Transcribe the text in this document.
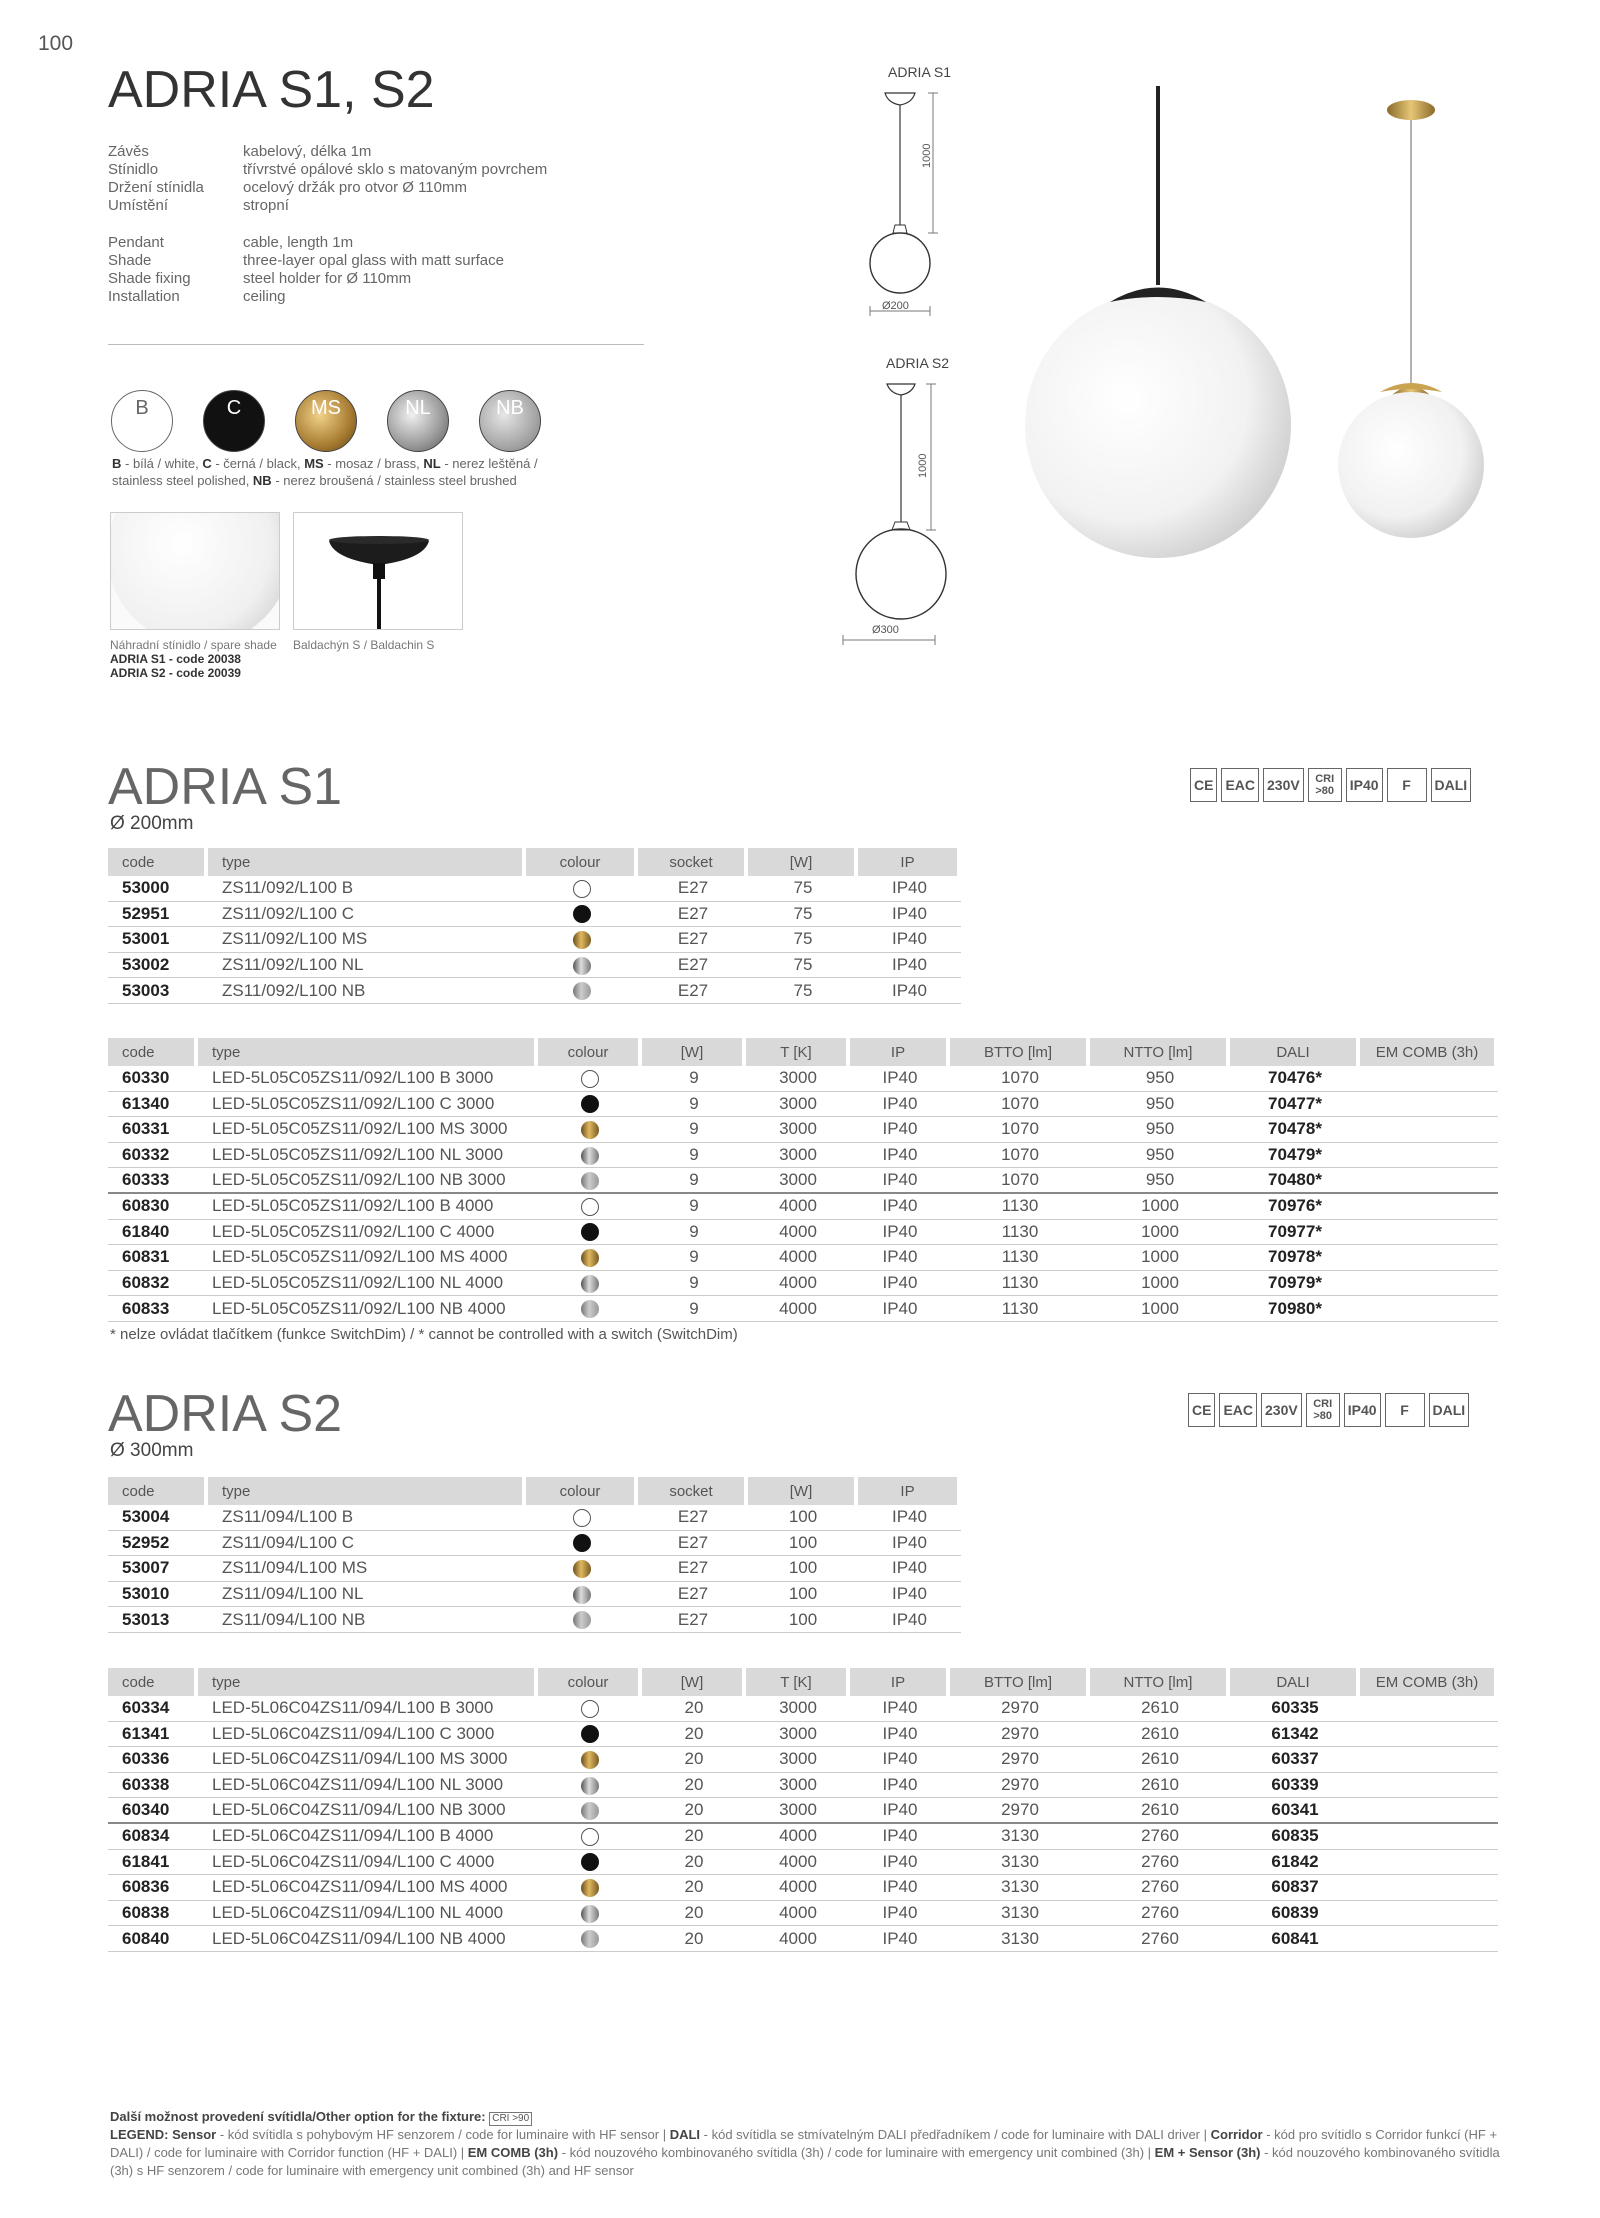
100
ADRIA S1, S2
Závěs	kabelový, délka 1m
Stínidlo	třívrstvé opálové sklo s matovaným povrchem
Držení stínidla	ocelový držák pro otvor Ø 110mm
Umístění	stropní
Pendant	cable, length 1m
Shade	three-layer opal glass with matt surface
Shade fixing	steel holder for Ø 110mm
Installation	ceiling
B	C	MS	NL	NB
B - bílá / white, C - černá / black, MS - mosaz / brass, NL - nerez leštěná / stainless steel polished, NB - nerez broušená / stainless steel brushed
Náhradní stínidlo / spare shade
ADRIA S1 - code 20038
ADRIA S2 - code 20039
Baldachýn S / Baldachin S
ADRIA S1
1000
Ø200
ADRIA S2
1000
Ø300
ADRIA S1
Ø 200mm
CE EAC 230V	CRI >80	IP40	F	DALI
code	type	colour	socket	[W]	IP
53000	ZS11/092/L100 B		E27	75	IP40
52951	ZS11/092/L100 C		E27	75	IP40
53001	ZS11/092/L100 MS		E27	75	IP40
53002	ZS11/092/L100 NL		E27	75	IP40
53003	ZS11/092/L100 NB		E27	75	IP40
code	type	colour	[W]	T [K]	IP	BTTO [lm]	NTTO [lm]	DALI	EM COMB (3h)
60330	LED-5L05C05ZS11/092/L100 B 3000		9	3000	IP40	1070	950	70476*	
61340	LED-5L05C05ZS11/092/L100 C 3000		9	3000	IP40	1070	950	70477*	
60331	LED-5L05C05ZS11/092/L100 MS 3000		9	3000	IP40	1070	950	70478*	
60332	LED-5L05C05ZS11/092/L100 NL 3000		9	3000	IP40	1070	950	70479*	
60333	LED-5L05C05ZS11/092/L100 NB 3000		9	3000	IP40	1070	950	70480*	
60830	LED-5L05C05ZS11/092/L100 B 4000		9	4000	IP40	1130	1000	70976*	
61840	LED-5L05C05ZS11/092/L100 C 4000		9	4000	IP40	1130	1000	70977*	
60831	LED-5L05C05ZS11/092/L100 MS 4000		9	4000	IP40	1130	1000	70978*	
60832	LED-5L05C05ZS11/092/L100 NL 4000		9	4000	IP40	1130	1000	70979*	
60833	LED-5L05C05ZS11/092/L100 NB 4000		9	4000	IP40	1130	1000	70980*	
* nelze ovládat tlačítkem (funkce SwitchDim) / * cannot be controlled with a switch (SwitchDim)
ADRIA S2
Ø 300mm
CE EAC 230V	CRI >80	IP40	F	DALI
code	type	colour	socket	[W]	IP
53004	ZS11/094/L100 B		E27	100	IP40
52952	ZS11/094/L100 C		E27	100	IP40
53007	ZS11/094/L100 MS		E27	100	IP40
53010	ZS11/094/L100 NL		E27	100	IP40
53013	ZS11/094/L100 NB		E27	100	IP40
code	type	colour	[W]	T [K]	IP	BTTO [lm]	NTTO [lm]	DALI	EM COMB (3h)
60334	LED-5L06C04ZS11/094/L100 B 3000		20	3000	IP40	2970	2610	60335	
61341	LED-5L06C04ZS11/094/L100 C 3000		20	3000	IP40	2970	2610	61342	
60336	LED-5L06C04ZS11/094/L100 MS 3000		20	3000	IP40	2970	2610	60337	
60338	LED-5L06C04ZS11/094/L100 NL 3000		20	3000	IP40	2970	2610	60339	
60340	LED-5L06C04ZS11/094/L100 NB 3000		20	3000	IP40	2970	2610	60341	
60834	LED-5L06C04ZS11/094/L100 B 4000		20	4000	IP40	3130	2760	60835	
61841	LED-5L06C04ZS11/094/L100 C 4000		20	4000	IP40	3130	2760	61842	
60836	LED-5L06C04ZS11/094/L100 MS 4000		20	4000	IP40	3130	2760	60837	
60838	LED-5L06C04ZS11/094/L100 NL 4000		20	4000	IP40	3130	2760	60839	
60840	LED-5L06C04ZS11/094/L100 NB 4000		20	4000	IP40	3130	2760	60841	
Další možnost provedení svítidla/Other option for the fixture: CRI >90
LEGEND: Sensor - kód svítidla s pohybovým HF senzorem / code for luminaire with HF sensor | DALI - kód svítidla se stmívatelným DALI předřadníkem / code for luminaire with DALI driver | Corridor - kód pro svítidlo s Corridor funkcí (HF + DALI) / code for luminaire with Corridor function (HF + DALI) | EM COMB (3h) - kód nouzového kombinovaného svítidla (3h) / code for luminaire with emergency unit combined (3h) | EM + Sensor (3h) - kód nouzového kombinovaného svítidla (3h) s HF senzorem / code for luminaire with emergency unit combined (3h) and HF sensor
